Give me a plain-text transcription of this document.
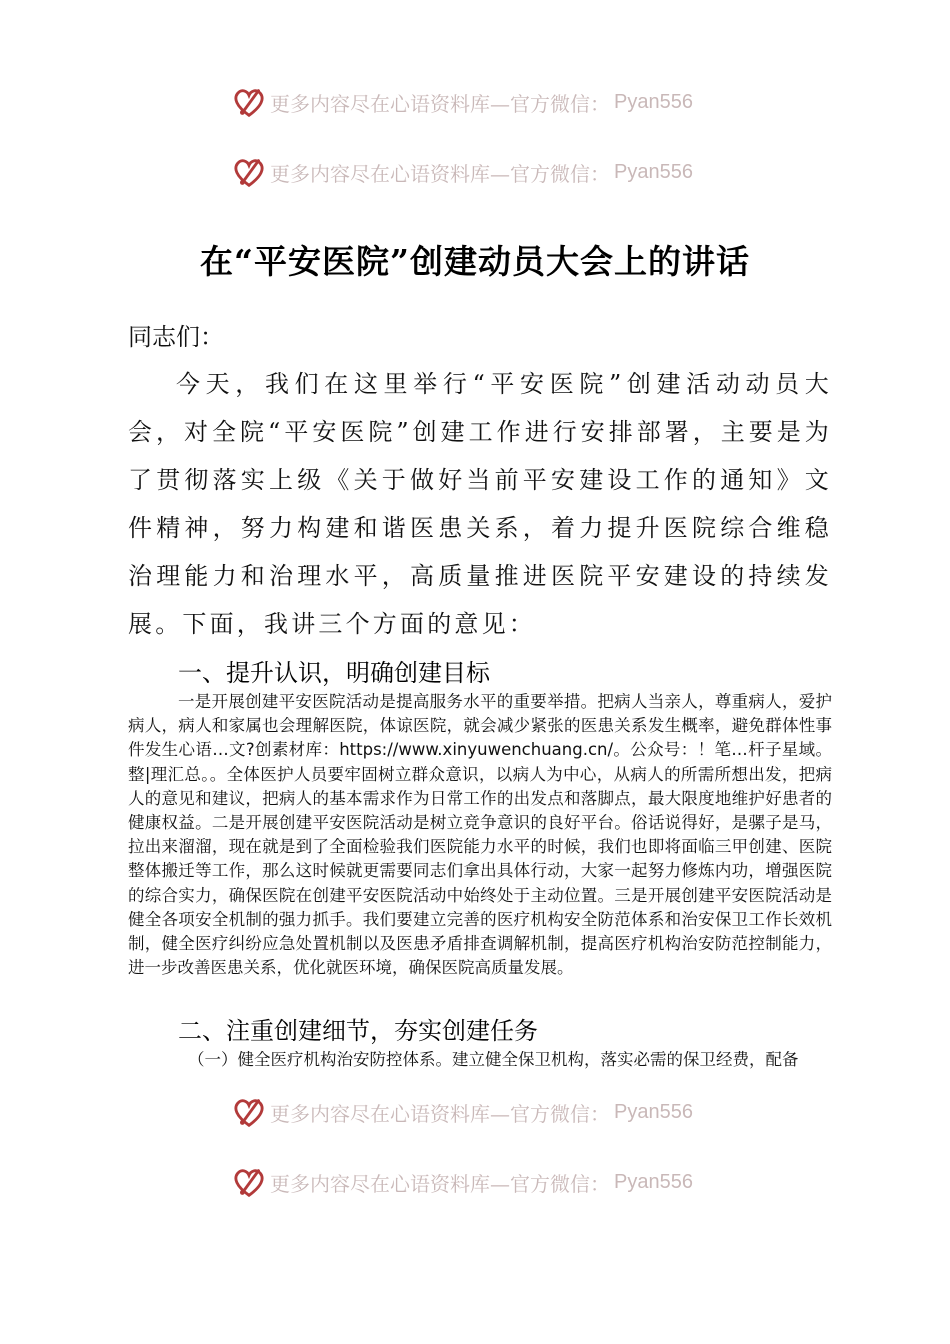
更多内容尽在心语资料库—官方微信： Pyan556
更多内容尽在心语资料库—官方微信： Pyan556
在“平安医院”创建动员大会上的讲话
同志们：

今天，我们在这里举行“平安医院”创建活动动员大会，对全院“平安医院”创建工作进行安排部署，主要是为了贯彻落实上级《关于做好当前平安建设工作的通知》文件精神，努力构建和谐医患关系，着力提升医院综合维稳治理能力和治理水平，高质量推进医院平安建设的持续发展。下面，我讲三个方面的意见：

一、提升认识，明确创建目标

一是开展创建平安医院活动是提高服务水平的重要举措。把病人当亲人，尊重病人，爱护病人，病人和家属也会理解医院，体谅医院，就会减少紧张的医患关系发生概率，避免群体性事件发生心语…文?创素材库：https://www.xinyuwenchuang.cn/。公众号：！笔…杆子星域。整|理汇总。。全体医护人员要牢固树立群众意识，以病人为中心，从病人的所需所想出发，把病人的意见和建议，把病人的基本需求作为日常工作的出发点和落脚点，最大限度地维护好患者的健康权益。二是开展创建平安医院活动是树立竞争意识的良好平台。俗话说得好，是骡子是马，拉出来溜溜，现在就是到了全面检验我们医院能力水平的时候，我们也即将面临三甲创建、医院整体搬迁等工作，那么这时候就更需要同志们拿出具体行动，大家一起努力修炼内功，增强医院的综合实力，确保医院在创建平安医院活动中始终处于主动位置。三是开展创建平安医院活动是健全各项安全机制的强力抓手。我们要建立完善的医疗机构安全防范体系和治安保卫工作长效机制，健全医疗纠纷应急处置机制以及医患矛盾排查调解机制，提高医疗机构治安防范控制能力，进一步改善医患关系，优化就医环境，确保医院高质量发展。

二、注重创建细节，夯实创建任务

（一）健全医疗机构治安防控体系。建立健全保卫机构，落实必需的保卫经费，配备

更多内容尽在心语资料库—官方微信： Pyan556
更多内容尽在心语资料库—官方微信： Pyan556
